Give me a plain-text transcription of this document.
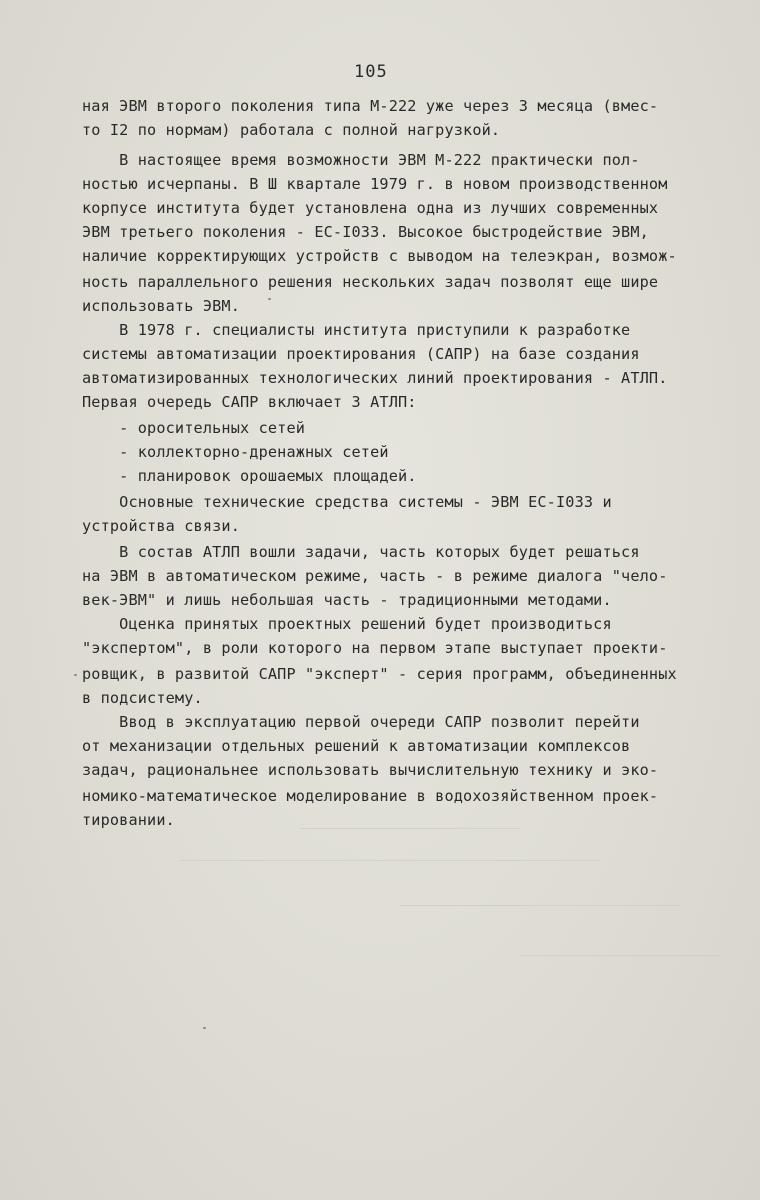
105
ная ЭВМ второго поколения типа М-222 уже через 3 месяца (вмес-
то I2 по нормам) работала с полной нагрузкой.
В настоящее время возможности ЭВМ М-222 практически пол-
ностью исчерпаны. В Ш квартале 1979 г. в новом производственном
корпусе института будет установлена одна из лучших современных
ЭВМ третьего поколения - ЕС-I033. Высокое быстродействие ЭВМ,
наличие корректирующих устройств с выводом на телеэкран, возмож-
ность параллельного решения нескольких задач позволят еще шире
использовать ЭВМ.
В 1978 г. специалисты института приступили к разработке
системы автоматизации проектирования (САПР) на базе создания
автоматизированных технологических линий проектирования - АТЛП.
Первая очередь САПР включает 3 АТЛП:
- оросительных сетей
- коллекторно-дренажных сетей
- планировок орошаемых площадей.
Основные технические средства системы - ЭВМ ЕС-I033 и
устройства связи.
В состав АТЛП вошли задачи, часть которых будет решаться
на ЭВМ в автоматическом режиме, часть - в режиме диалога "чело-
век-ЭВМ" и лишь небольшая часть - традиционными методами.
Оценка принятых проектных решений будет производиться
"экспертом", в роли которого на первом этапе выступает проекти-
ровщик, в развитой САПР "эксперт" - серия программ, объединенных
в подсистему.
Ввод в эксплуатацию первой очереди САПР позволит перейти
от механизации отдельных решений к автоматизации комплексов
задач, рациональнее использовать вычислительную технику и эко-
номико-математическое моделирование в водохозяйственном проек-
тировании.
